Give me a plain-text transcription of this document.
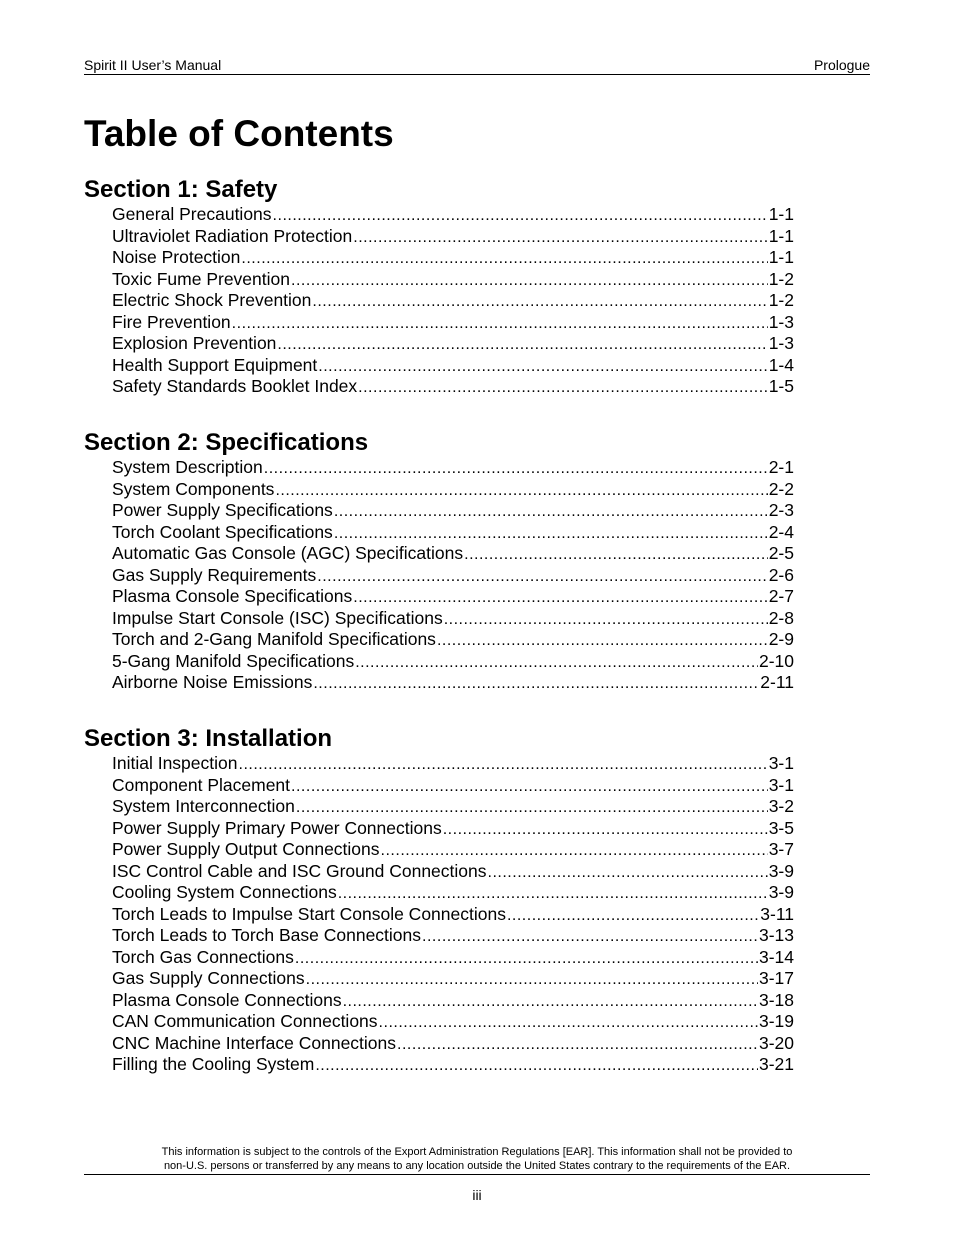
Spirit II User’s Manual	Prologue
Table of Contents
Section 1: Safety
General Precautions .....	1-1
Ultraviolet Radiation Protection .....	1-1
Noise Protection .....	1-1
Toxic Fume Prevention .....	1-2
Electric Shock Prevention .....	1-2
Fire Prevention .....	1-3
Explosion Prevention .....	1-3
Health Support Equipment .....	1-4
Safety Standards Booklet Index .....	1-5
Section 2: Specifications
System Description .....	2-1
System Components .....	2-2
Power Supply Specifications .....	2-3
Torch Coolant Specifications .....	2-4
Automatic Gas Console (AGC) Specifications .....	2-5
Gas Supply Requirements .....	2-6
Plasma Console Specifications .....	2-7
Impulse Start Console (ISC) Specifications .....	2-8
Torch and 2-Gang Manifold Specifications .....	2-9
5-Gang Manifold Specifications .....	2-10
Airborne Noise Emissions .....	2-11
Section 3: Installation
Initial Inspection .....	3-1
Component Placement .....	3-1
System Interconnection .....	3-2
Power Supply Primary Power Connections .....	3-5
Power Supply Output Connections .....	3-7
ISC Control Cable and ISC Ground Connections .....	3-9
Cooling System Connections .....	3-9
Torch Leads to Impulse Start Console Connections .....	3-11
Torch Leads to Torch Base Connections .....	3-13
Torch Gas Connections .....	3-14
Gas Supply Connections .....	3-17
Plasma Console Connections .....	3-18
CAN Communication Connections .....	3-19
CNC Machine Interface Connections .....	3-20
Filling the Cooling System .....	3-21
This information is subject to the controls of the Export Administration Regulations [EAR]. This information shall not be provided to
non-U.S. persons or transferred by any means to any location outside the United States contrary to the requirements of the EAR.
iii
